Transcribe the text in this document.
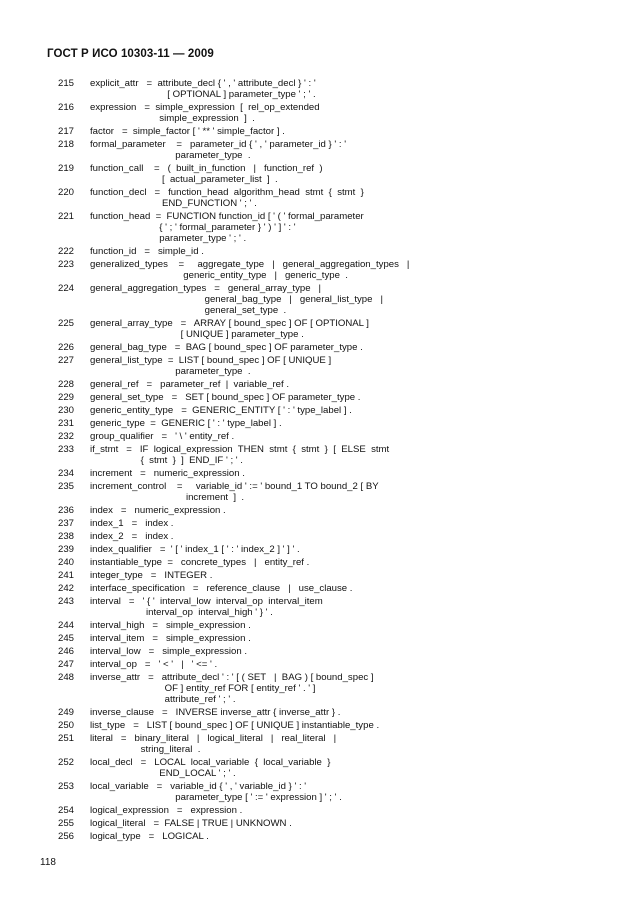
ГОСТ Р ИСО 10303-11 — 2009
215	explicit_attr   =  attribute_decl { ' , ' attribute_decl } ' : '
[ OPTIONAL ] parameter_type ' ; ' .
216	expression   =  simple_expression  [  rel_op_extended
simple_expression  ]  .
217	factor   =  simple_factor [ ' ** ' simple_factor ] .
218	formal_parameter    =   parameter_id { ' , ' parameter_id } ' : '
parameter_type  .
219	function_call    =   (  built_in_function   |   function_ref  )
[  actual_parameter_list  ]  .
220	function_decl   =   function_head  algorithm_head  stmt  {  stmt  }
END_FUNCTION ' ; ' .
221	function_head  =  FUNCTION function_id [ ' ( ' formal_parameter
{ ' ; ' formal_parameter } ' ) ' ] ' : '
parameter_type ' ; ' .
222	function_id   =   simple_id .
223	generalized_types    =     aggregate_type   |   general_aggregation_types   |
generic_entity_type   |   generic_type  .
224	general_aggregation_types   =   general_array_type   |
general_bag_type   |   general_list_type   |
general_set_type  .
225	general_array_type   =   ARRAY [ bound_spec ] OF [ OPTIONAL ]
[ UNIQUE ] parameter_type .
226	general_bag_type   =  BAG [ bound_spec ] OF parameter_type .
227	general_list_type  =  LIST [ bound_spec ] OF [ UNIQUE ]
parameter_type  .
228	general_ref   =   parameter_ref  |  variable_ref .
229	general_set_type   =   SET [ bound_spec ] OF parameter_type .
230	generic_entity_type   =  GENERIC_ENTITY [ ' : ' type_label ] .
231	generic_type  =  GENERIC [ ' : ' type_label ] .
232	group_qualifier   =   ' \ ' entity_ref .
233	if_stmt   =   IF  logical_expression  THEN  stmt  {  stmt  }  [  ELSE  stmt
{  stmt  }  ]  END_IF ' ; ' .
234	increment   =   numeric_expression .
235	increment_control    =     variable_id ' := ' bound_1 TO bound_2 [ BY
increment  ]  .
236	index   =   numeric_expression .
237	index_1   =   index .
238	index_2   =   index .
239	index_qualifier   =  ' [ ' index_1 [ ' : ' index_2 ] ' ] ' .
240	instantiable_type  =   concrete_types   |   entity_ref .
241	integer_type   =   INTEGER .
242	interface_specification   =   reference_clause   |   use_clause .
243	interval   =   ' { '  interval_low  interval_op  interval_item
interval_op  interval_high ' } ' .
244	interval_high   =   simple_expression .
245	interval_item   =   simple_expression .
246	interval_low   =   simple_expression .
247	interval_op   =   ' < '   |   ' <= ' .
248	inverse_attr   =   attribute_decl ' : ' [ ( SET   |  BAG ) [ bound_spec ]
OF ] entity_ref FOR [ entity_ref ' . ' ]
attribute_ref ' ; ' .
249	inverse_clause   =   INVERSE inverse_attr { inverse_attr } .
250	list_type   =   LIST [ bound_spec ] OF [ UNIQUE ] instantiable_type .
251	literal   =   binary_literal   |   logical_literal   |   real_literal   |
string_literal  .
252	local_decl   =   LOCAL  local_variable  {  local_variable  }
END_LOCAL ' ; ' .
253	local_variable   =   variable_id { ' , ' variable_id } ' : '
parameter_type [ ' := ' expression ] ' ; ' .
254	logical_expression   =   expression .
255	logical_literal   =  FALSE | TRUE | UNKNOWN .
256	logical_type   =   LOGICAL .
118
